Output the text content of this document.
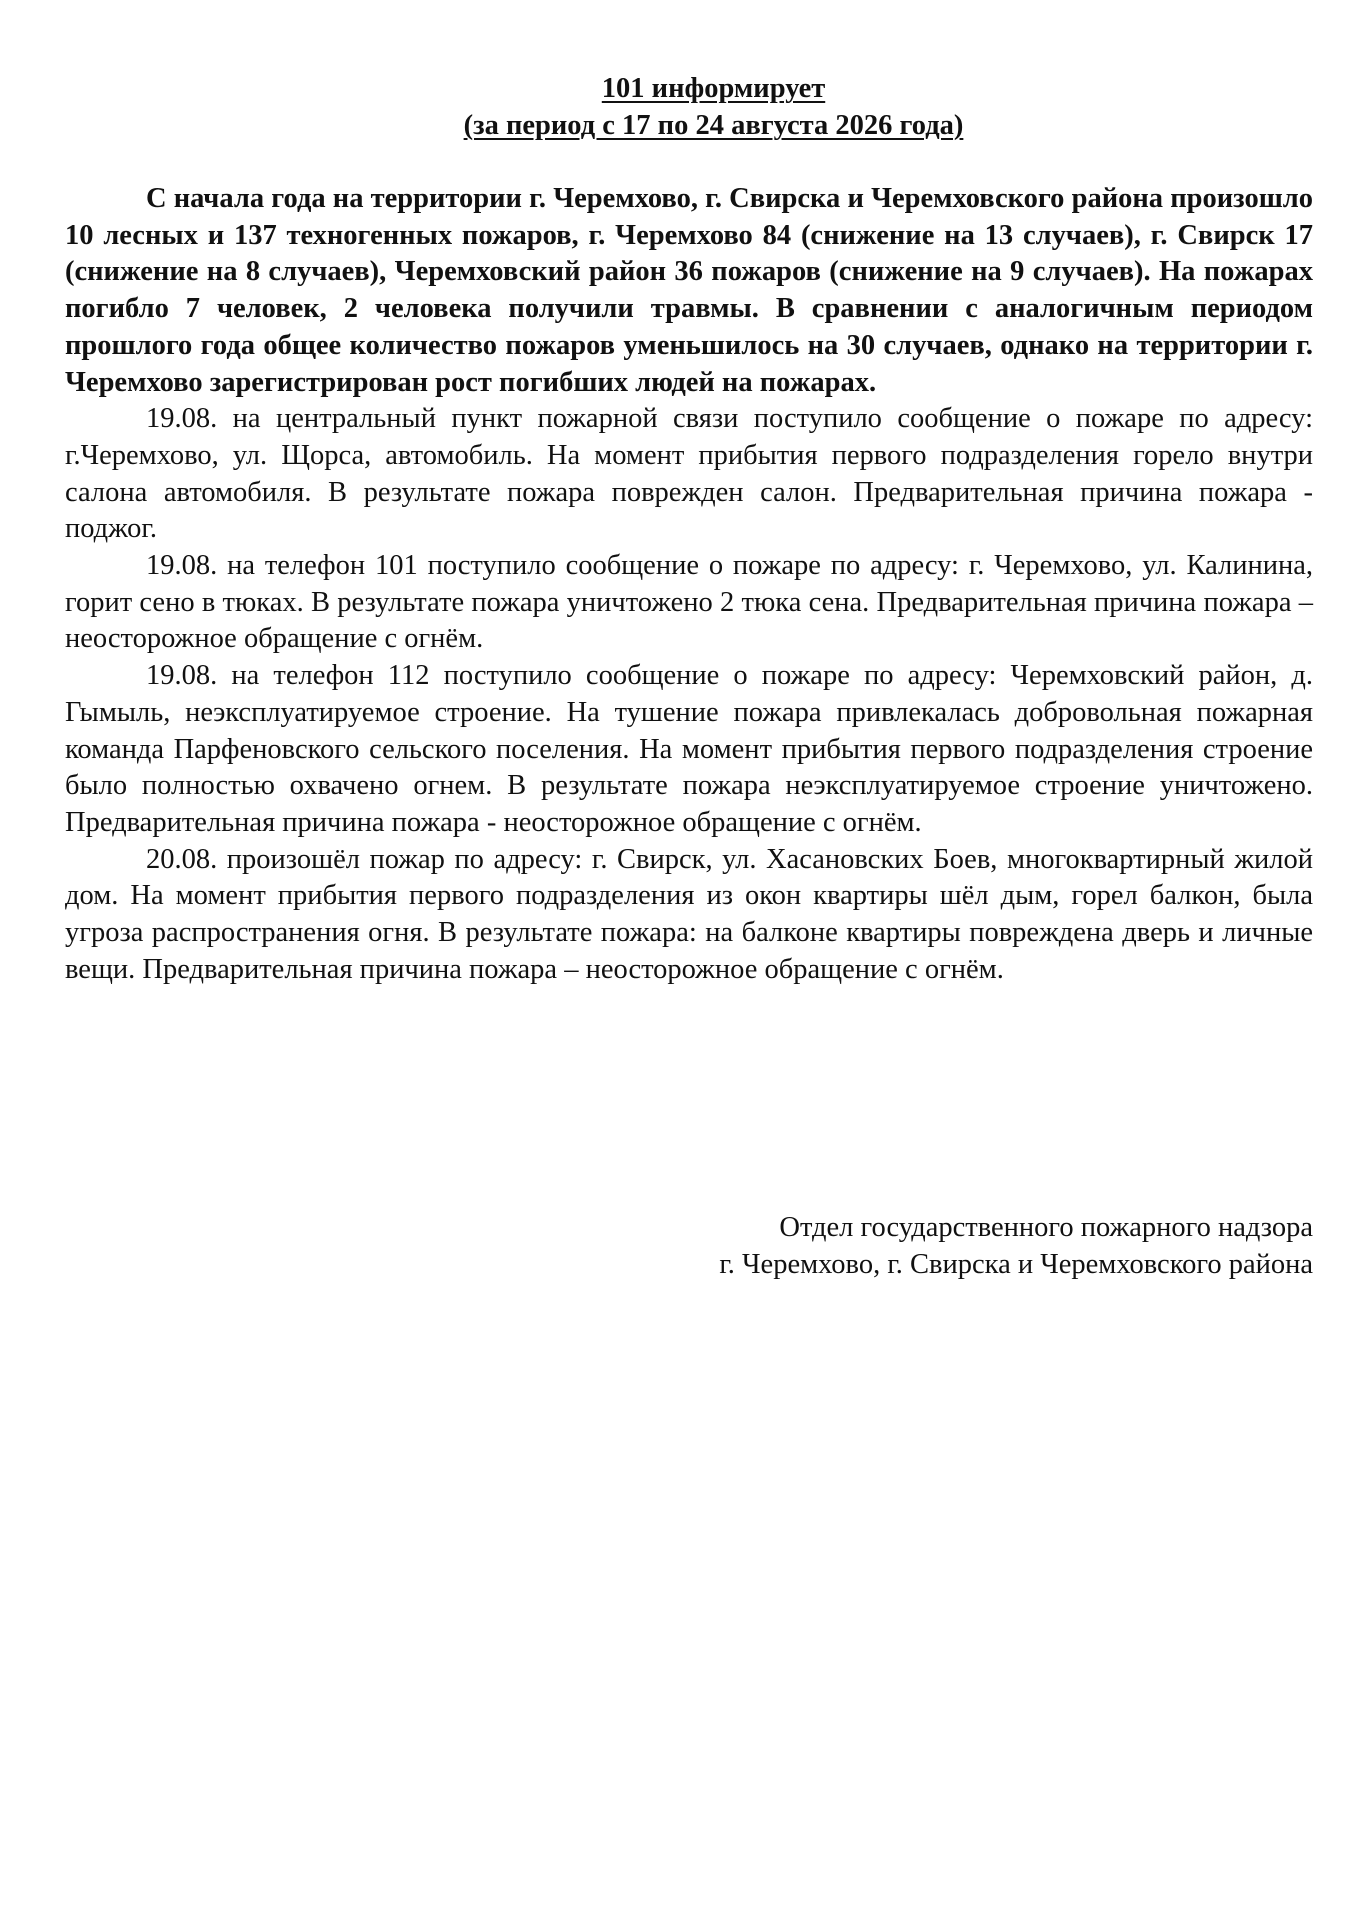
101 информирует
(за период с 17 по 24 августа 2026 года)

С начала года на территории г. Черемхово, г. Свирска и Черемховского района произошло 10 лесных и 137 техногенных пожаров, г. Черемхово 84 (снижение на 13 случаев), г. Свирск 17 (снижение на 8 случаев), Черемховский район 36 пожаров (снижение на 9 случаев). На пожарах погибло 7 человек, 2 человека получили травмы. В сравнении с аналогичным периодом прошлого года общее количество пожаров уменьшилось на 30 случаев, однако на территории г. Черемхово зарегистрирован рост погибших людей на пожарах.

19.08. на центральный пункт пожарной связи поступило сообщение о пожаре по адресу: г.Черемхово, ул. Щорса, автомобиль. На момент прибытия первого подразделения горело внутри салона автомобиля. В результате пожара поврежден салон. Предварительная причина пожара - поджог.

19.08. на телефон 101 поступило сообщение о пожаре по адресу: г. Черемхово, ул. Калинина, горит сено в тюках. В результате пожара уничтожено 2 тюка сена. Предварительная причина пожара – неосторожное обращение с огнём.

19.08. на телефон 112 поступило сообщение о пожаре по адресу: Черемховский район, д. Гымыль, неэксплуатируемое строение. На тушение пожара привлекалась добровольная пожарная команда Парфеновского сельского поселения. На момент прибытия первого подразделения строение было полностью охвачено огнем. В результате пожара неэксплуатируемое строение уничтожено. Предварительная причина пожара - неосторожное обращение с огнём.

20.08. произошёл пожар по адресу: г. Свирск, ул. Хасановских Боев, многоквартирный жилой дом. На момент прибытия первого подразделения из окон квартиры шёл дым, горел балкон, была угроза распространения огня. В результате пожара: на балконе квартиры повреждена дверь и личные вещи. Предварительная причина пожара – неосторожное обращение с огнём.

Отдел государственного пожарного надзора
г. Черемхово, г. Свирска и Черемховского района
